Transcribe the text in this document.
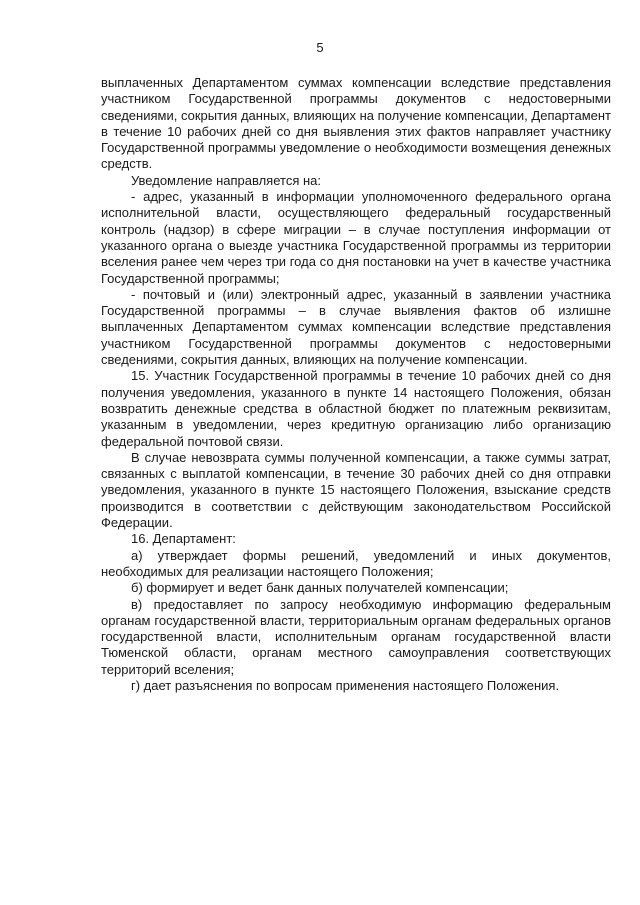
5

выплаченных Департаментом суммах компенсации вследствие представления участником Государственной программы документов с недостоверными сведениями, сокрытия данных, влияющих на получение компенсации, Департамент в течение 10 рабочих дней со дня выявления этих фактов направляет участнику Государственной программы уведомление о необходимости возмещения денежных средств.

Уведомление направляется на:

- адрес, указанный в информации уполномоченного федерального органа исполнительной власти, осуществляющего федеральный государственный контроль (надзор) в сфере миграции – в случае поступления информации от указанного органа о выезде участника Государственной программы из территории вселения ранее чем через три года со дня постановки на учет в качестве участника Государственной программы;

- почтовый и (или) электронный адрес, указанный в заявлении участника Государственной программы – в случае выявления фактов об излишне выплаченных Департаментом суммах компенсации вследствие представления участником Государственной программы документов с недостоверными сведениями, сокрытия данных, влияющих на получение компенсации.

15. Участник Государственной программы в течение 10 рабочих дней со дня получения уведомления, указанного в пункте 14 настоящего Положения, обязан возвратить денежные средства в областной бюджет по платежным реквизитам, указанным в уведомлении, через кредитную организацию либо организацию федеральной почтовой связи.

В случае невозврата суммы полученной компенсации, а также суммы затрат, связанных с выплатой компенсации, в течение 30 рабочих дней со дня отправки уведомления, указанного в пункте 15 настоящего Положения, взыскание средств производится в соответствии с действующим законодательством Российской Федерации.

16. Департамент:

а) утверждает формы решений, уведомлений и иных документов, необходимых для реализации настоящего Положения;

б) формирует и ведет банк данных получателей компенсации;

в) предоставляет по запросу необходимую информацию федеральным органам государственной власти, территориальным органам федеральных органов государственной власти, исполнительным органам государственной власти Тюменской области, органам местного самоуправления соответствующих территорий вселения;

г) дает разъяснения по вопросам применения настоящего Положения.
